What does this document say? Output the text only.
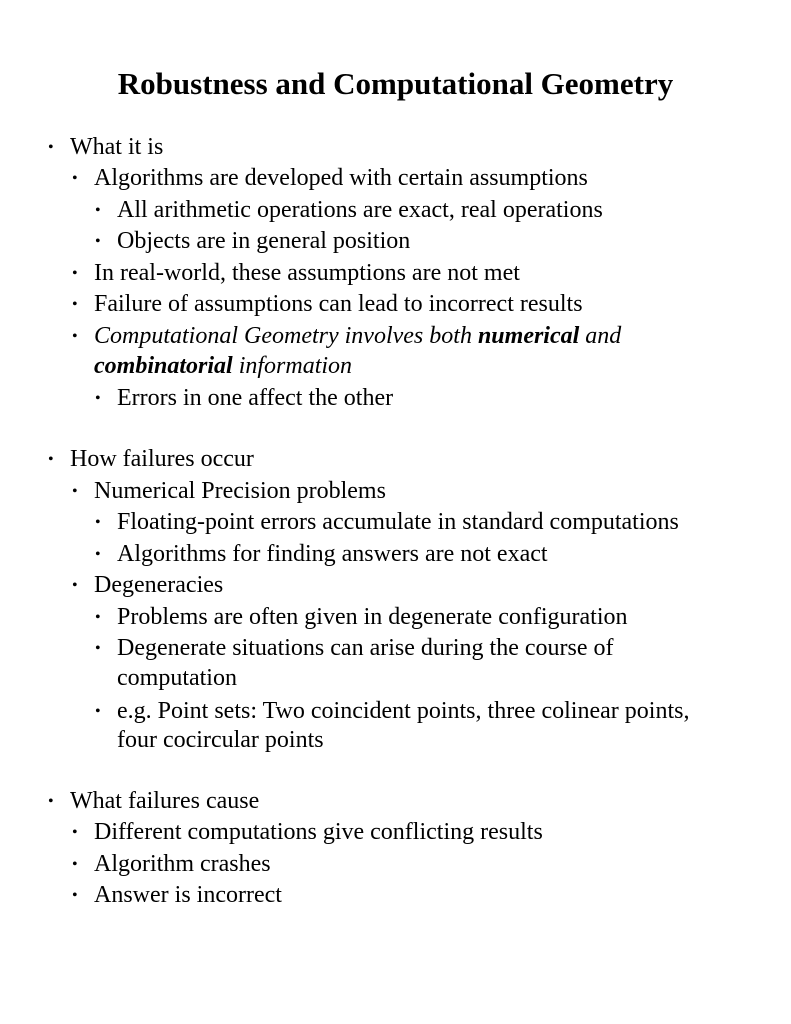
Robustness and Computational Geometry
• What it is
• Algorithms are developed with certain assumptions
• All arithmetic operations are exact, real operations
• Objects are in general position
• In real-world, these assumptions are not met
• Failure of assumptions can lead to incorrect results
• Computational Geometry involves both numerical and
combinatorial information
• Errors in one affect the other
• How failures occur
• Numerical Precision problems
• Floating-point errors accumulate in standard computations
• Algorithms for finding answers are not exact
• Degeneracies
• Problems are often given in degenerate configuration
• Degenerate situations can arise during the course of
computation
• e.g. Point sets: Two coincident points, three colinear points,
four cocircular points
• What failures cause
• Different computations give conflicting results
• Algorithm crashes
• Answer is incorrect
